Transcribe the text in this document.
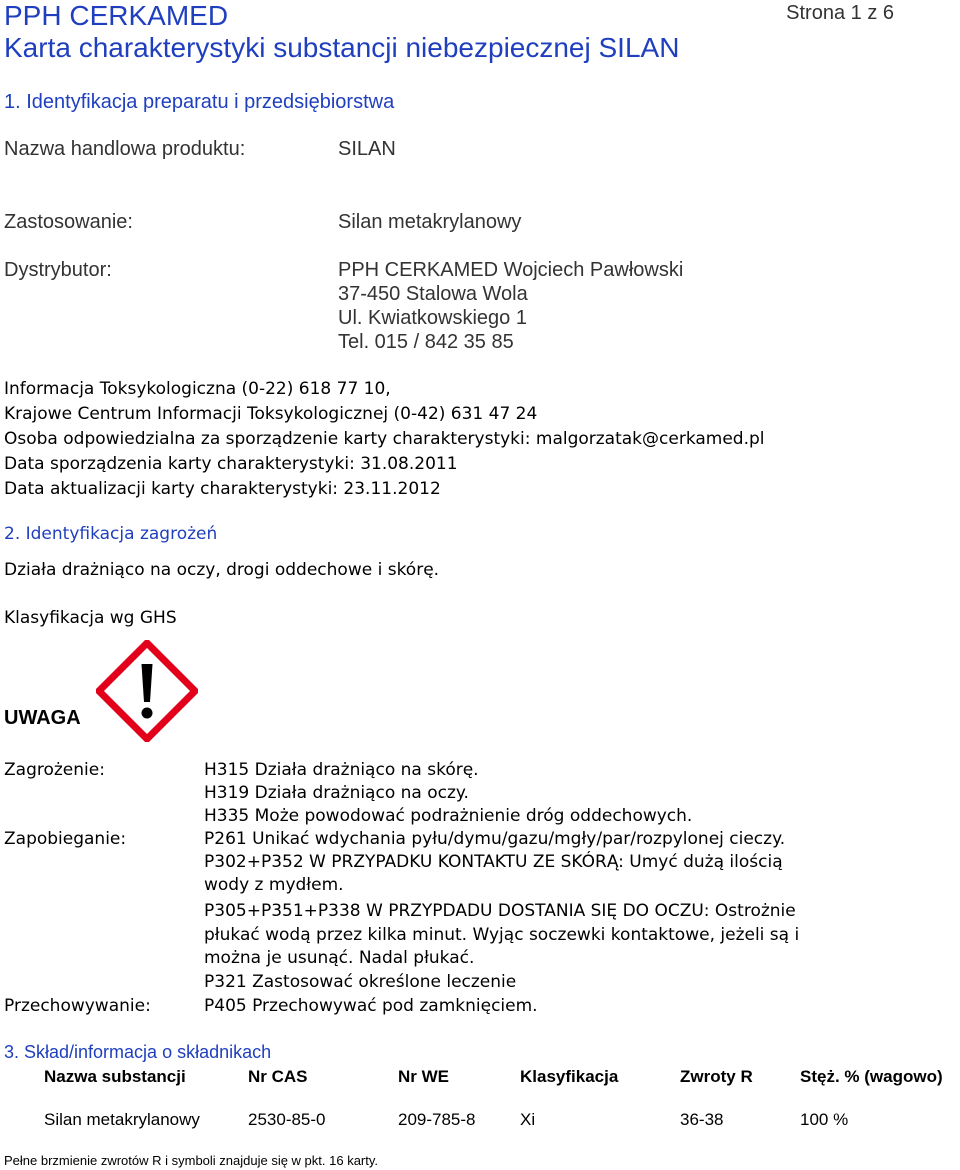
PPH CERKAMED
Karta charakterystyki substancji niebezpiecznej SILAN
Strona 1 z 6
1. Identyfikacja preparatu i przedsiębiorstwa
Nazwa handlowa produktu:	SILAN
Zastosowanie:	Silan metakrylanowy
Dystrybutor:	PPH CERKAMED Wojciech Pawłowski
37-450 Stalowa Wola
Ul. Kwiatkowskiego 1
Tel. 015 / 842 35 85
Informacja Toksykologiczna (0-22) 618 77 10,
Krajowe Centrum Informacji Toksykologicznej (0-42) 631 47 24
Osoba odpowiedzialna za sporządzenie karty charakterystyki: malgorzatak@cerkamed.pl
Data sporządzenia karty charakterystyki: 31.08.2011
Data aktualizacji karty charakterystyki: 23.11.2012
2. Identyfikacja zagrożeń
Działa drażniąco na oczy, drogi oddechowe i skórę.
Klasyfikacja wg GHS
UWAGA
Zagrożenie:	H315 Działa drażniąco na skórę.
H319 Działa drażniąco na oczy.
H335 Może powodować podrażnienie dróg oddechowych.
Zapobieganie:	P261 Unikać wdychania pyłu/dymu/gazu/mgły/par/rozpylonej cieczy.
P302+P352 W PRZYPADKU KONTAKTU ZE SKÓRĄ: Umyć dużą ilością
wody z mydłem.
P305+P351+P338 W PRZYPDADU DOSTANIA SIĘ DO OCZU: Ostrożnie
płukać wodą przez kilka minut. Wyjąc soczewki kontaktowe, jeżeli są i
można je usunąć. Nadal płukać.
P321 Zastosować określone leczenie
Przechowywanie:	P405 Przechowywać pod zamknięciem.
3. Skład/informacja o składnikach
Nazwa substancji	Nr CAS	Nr WE	Klasyfikacja	Zwroty R	Stęż. % (wagowo)
Silan metakrylanowy	2530-85-0	209-785-8	Xi	36-38	100 %
Pełne brzmienie zwrotów R i symboli znajduje się w pkt. 16 karty.
